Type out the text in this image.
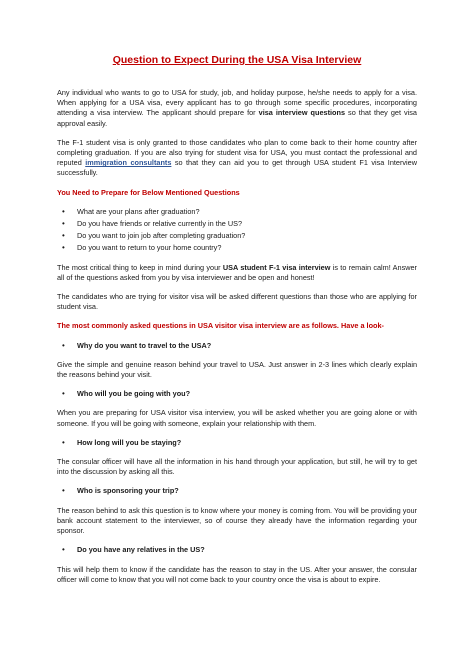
Question to Expect During the USA Visa Interview

Any individual who wants to go to USA for study, job, and holiday purpose, he/she needs to apply for a visa. When applying for a USA visa, every applicant has to go through some specific procedures, incorporating attending a visa interview. The applicant should prepare for visa interview questions so that they get visa approval easily.

The F-1 student visa is only granted to those candidates who plan to come back to their home country after completing graduation. If you are also trying for student visa for USA, you must contact the professional and reputed immigration consultants so that they can aid you to get through USA student F1 visa Interview successfully.

You Need to Prepare for Below Mentioned Questions

• What are your plans after graduation?
• Do you have friends or relative currently in the US?
• Do you want to join job after completing graduation?
• Do you want to return to your home country?

The most critical thing to keep in mind during your USA student F-1 visa interview is to remain calm! Answer all of the questions asked from you by visa interviewer and be open and honest!

The candidates who are trying for visitor visa will be asked different questions than those who are applying for student visa.

The most commonly asked questions in USA visitor visa interview are as follows. Have a look-

• Why do you want to travel to the USA?

Give the simple and genuine reason behind your travel to USA. Just answer in 2-3 lines which clearly explain the reasons behind your visit.

• Who will you be going with you?

When you are preparing for USA visitor visa interview, you will be asked whether you are going alone or with someone. If you will be going with someone, explain your relationship with them.

• How long will you be staying?

The consular officer will have all the information in his hand through your application, but still, he will try to get into the discussion by asking all this.

• Who is sponsoring your trip?

The reason behind to ask this question is to know where your money is coming from. You will be providing your bank account statement to the interviewer, so of course they already have the information regarding your sponsor.

• Do you have any relatives in the US?

This will help them to know if the candidate has the reason to stay in the US. After your answer, the consular officer will come to know that you will not come back to your country once the visa is about to expire.
